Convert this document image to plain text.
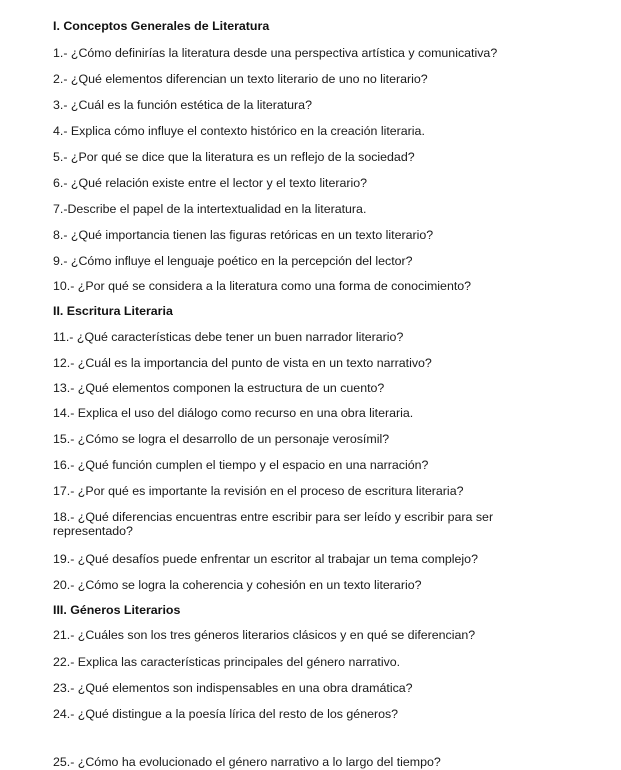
I. Conceptos Generales de Literatura
1.- ¿Cómo definirías la literatura desde una perspectiva artística y comunicativa?
2.- ¿Qué elementos diferencian un texto literario de uno no literario?
3.- ¿Cuál es la función estética de la literatura?
4.- Explica cómo influye el contexto histórico en la creación literaria.
5.- ¿Por qué se dice que la literatura es un reflejo de la sociedad?
6.- ¿Qué relación existe entre el lector y el texto literario?
7.-Describe el papel de la intertextualidad en la literatura.
8.- ¿Qué importancia tienen las figuras retóricas en un texto literario?
9.- ¿Cómo influye el lenguaje poético en la percepción del lector?
10.- ¿Por qué se considera a la literatura como una forma de conocimiento?
II. Escritura Literaria
11.- ¿Qué características debe tener un buen narrador literario?
12.- ¿Cuál es la importancia del punto de vista en un texto narrativo?
13.- ¿Qué elementos componen la estructura de un cuento?
14.- Explica el uso del diálogo como recurso en una obra literaria.
15.- ¿Cómo se logra el desarrollo de un personaje verosímil?
16.- ¿Qué función cumplen el tiempo y el espacio en una narración?
17.- ¿Por qué es importante la revisión en el proceso de escritura literaria?
18.- ¿Qué diferencias encuentras entre escribir para ser leído y escribir para ser representado?
19.- ¿Qué desafíos puede enfrentar un escritor al trabajar un tema complejo?
20.- ¿Cómo se logra la coherencia y cohesión en un texto literario?
III. Géneros Literarios
21.- ¿Cuáles son los tres géneros literarios clásicos y en qué se diferencian?
22.- Explica las características principales del género narrativo.
23.- ¿Qué elementos son indispensables en una obra dramática?
24.- ¿Qué distingue a la poesía lírica del resto de los géneros?
25.- ¿Cómo ha evolucionado el género narrativo a lo largo del tiempo?
